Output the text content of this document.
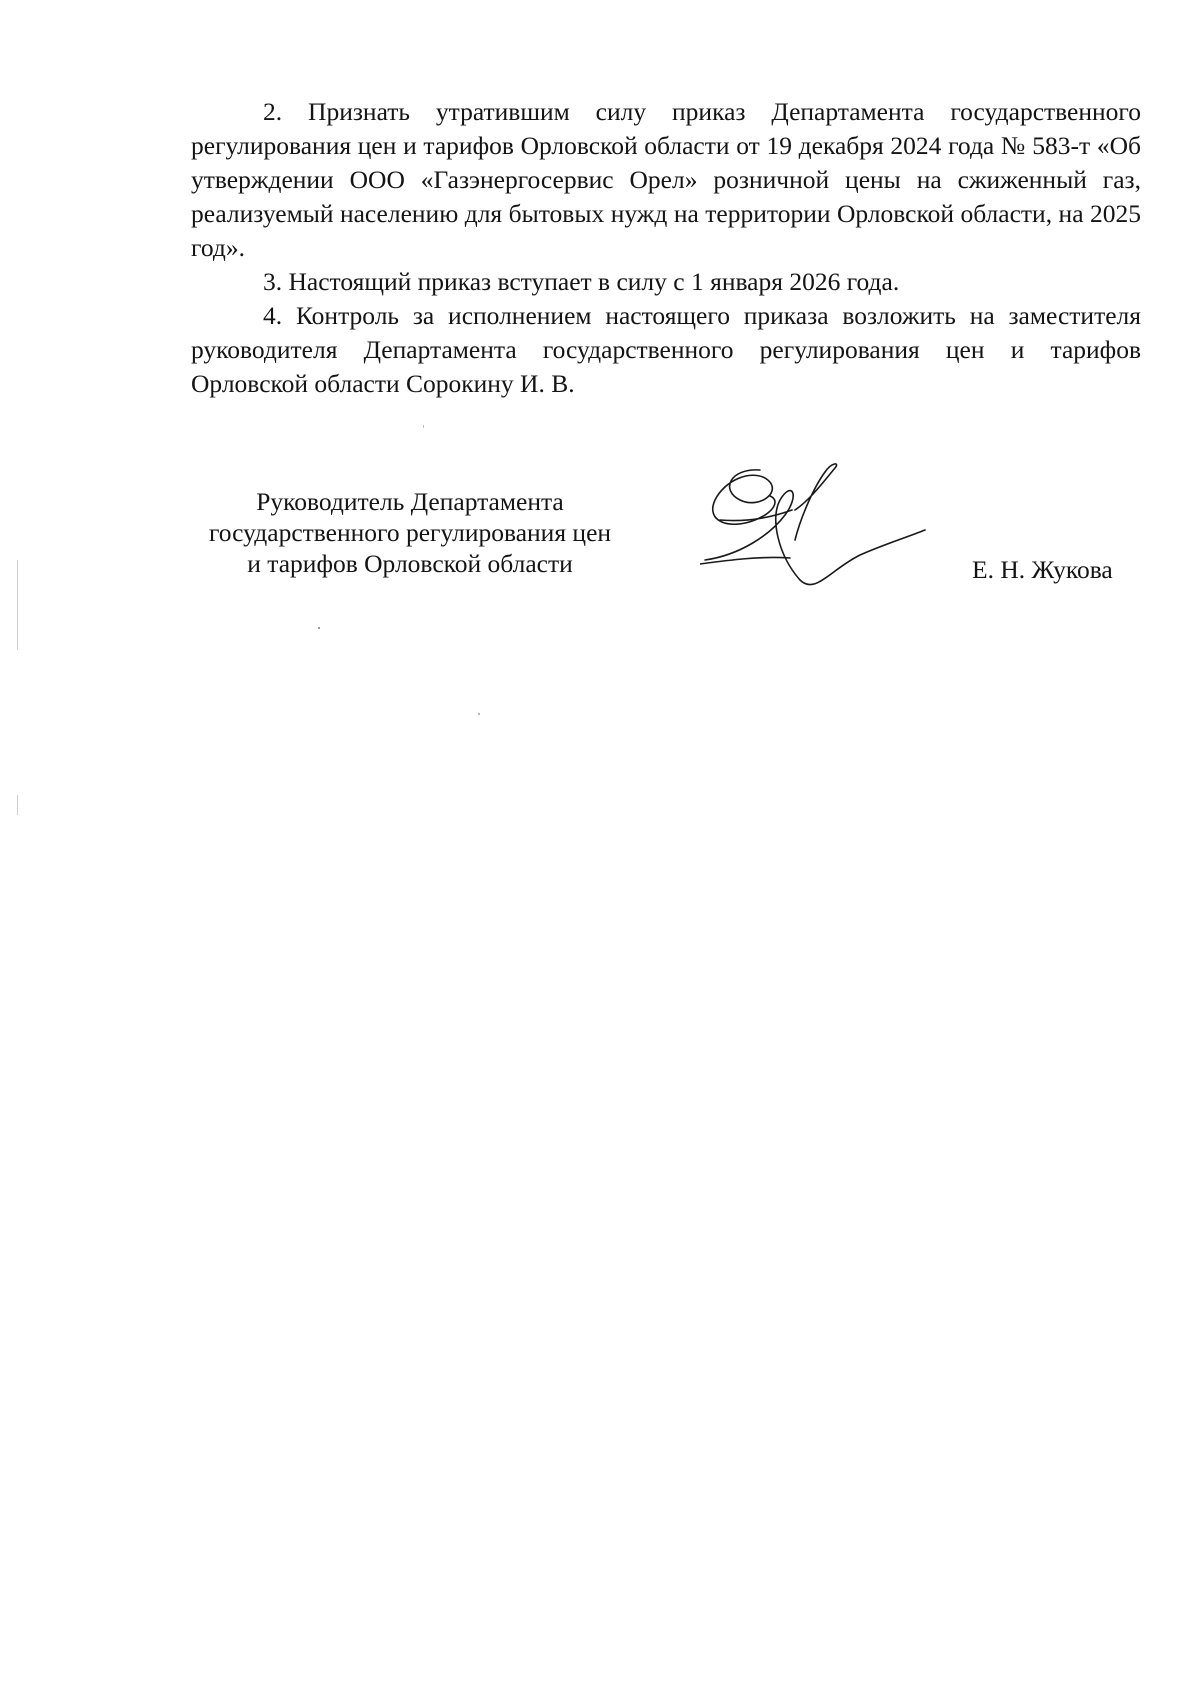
2. Признать утратившим силу приказ Департамента государственного регулирования цен и тарифов Орловской области от 19 декабря 2024 года № 583-т «Об утверждении ООО «Газэнергосервис Орел» розничной цены на сжиженный газ, реализуемый населению для бытовых нужд на территории Орловской области, на 2025 год».

3. Настоящий приказ вступает в силу с 1 января 2026 года.

4. Контроль за исполнением настоящего приказа возложить на заместителя руководителя Департамента государственного регулирования цен и тарифов Орловской области Сорокину И. В.

Руководитель Департамента
государственного регулирования цен
и тарифов Орловской области	Е. Н. Жукова
